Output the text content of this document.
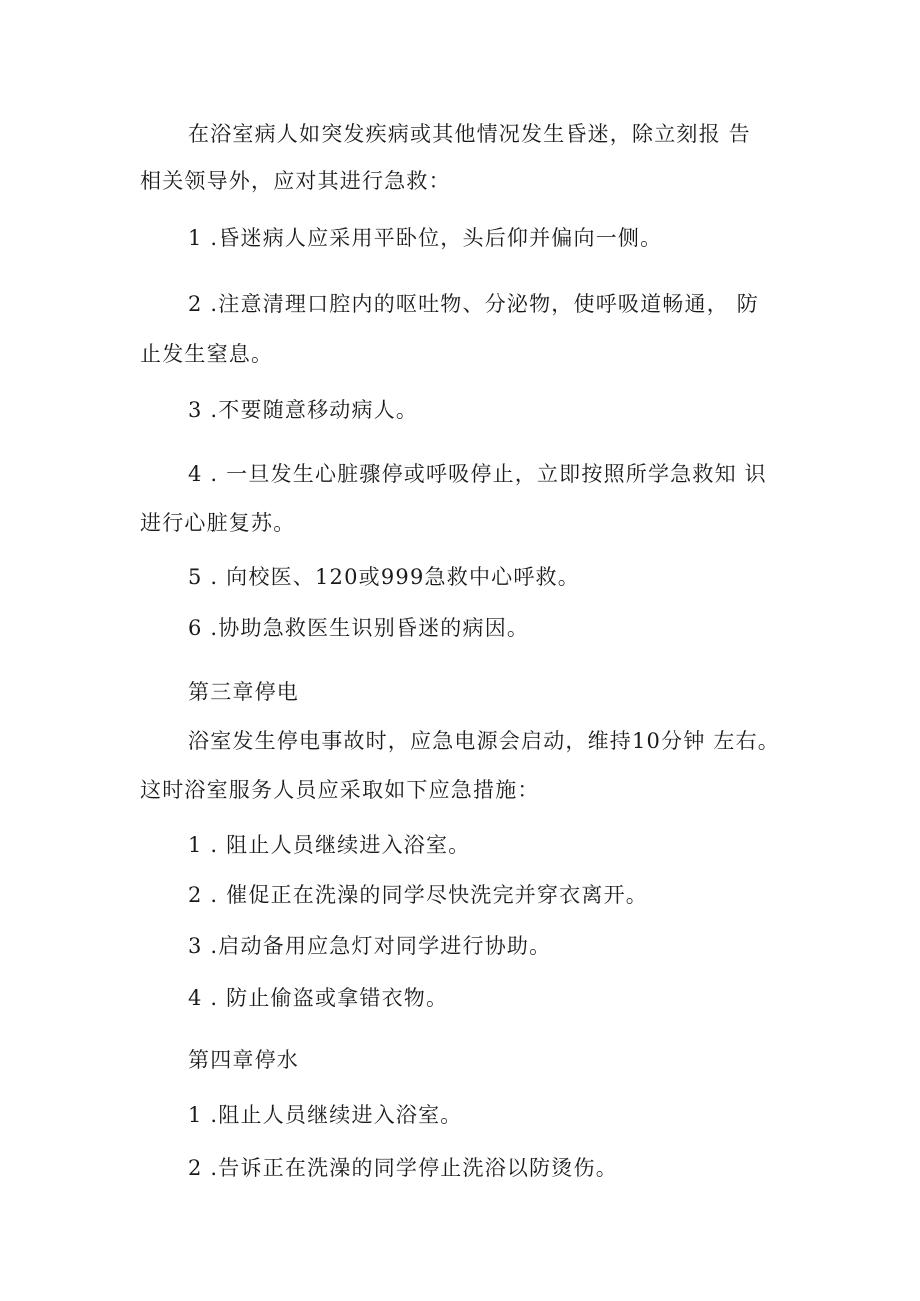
在浴室病人如突发疾病或其他情况发生昏迷，除立刻报 告
相关领导外，应对其进行急救：
1 .昏迷病人应采用平卧位，头后仰并偏向一侧。
2 .注意清理口腔内的呕吐物、分泌物，使呼吸道畅通， 防
止发生窒息。
3 .不要随意移动病人。
4 . 一旦发生心脏骤停或呼吸停止，立即按照所学急救知 识
进行心脏复苏。
5 . 向校医、120或999急救中心呼救。
6 .协助急救医生识别昏迷的病因。
第三章停电
浴室发生停电事故时，应急电源会启动，维持10分钟 左右。
这时浴室服务人员应采取如下应急措施：
1 . 阻止人员继续进入浴室。
2 . 催促正在洗澡的同学尽快洗完并穿衣离开。
3 .启动备用应急灯对同学进行协助。
4 . 防止偷盗或拿错衣物。
第四章停水
1 .阻止人员继续进入浴室。
2 .告诉正在洗澡的同学停止洗浴以防烫伤。
